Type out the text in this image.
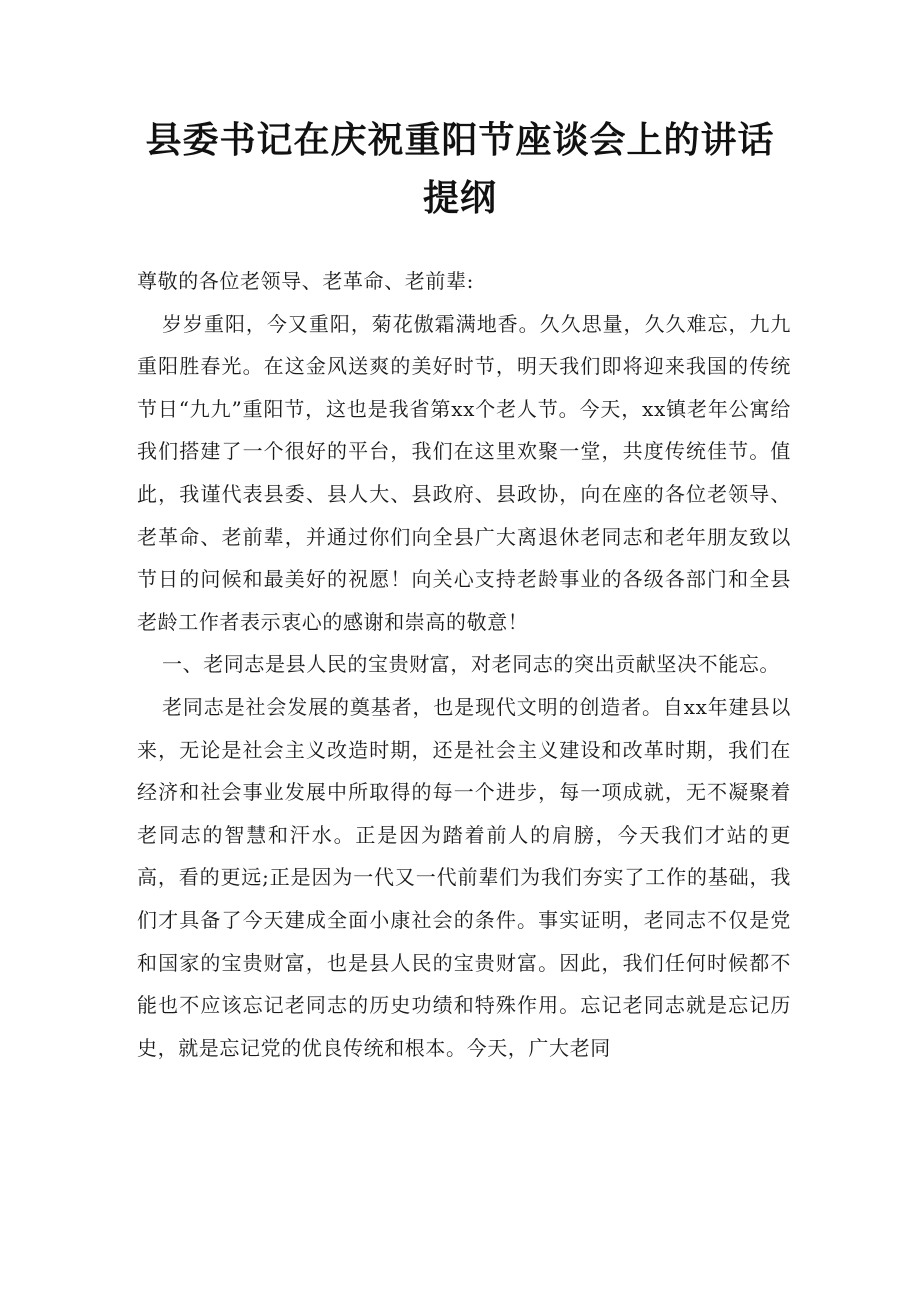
县委书记在庆祝重阳节座谈会上的讲话提纲

尊敬的各位老领导、老革命、老前辈:

岁岁重阳，今又重阳，菊花傲霜满地香。久久思量，久久难忘，九九重阳胜春光。在这金风送爽的美好时节，明天我们即将迎来我国的传统节日“九九”重阳节，这也是我省第xx个老人节。今天，xx镇老年公寓给我们搭建了一个很好的平台，我们在这里欢聚一堂，共度传统佳节。值此，我谨代表县委、县人大、县政府、县政协，向在座的各位老领导、老革命、老前辈，并通过你们向全县广大离退休老同志和老年朋友致以节日的问候和最美好的祝愿！向关心支持老龄事业的各级各部门和全县老龄工作者表示衷心的感谢和崇高的敬意！

一、老同志是县人民的宝贵财富，对老同志的突出贡献坚决不能忘。

老同志是社会发展的奠基者，也是现代文明的创造者。自xx年建县以来，无论是社会主义改造时期，还是社会主义建设和改革时期，我们在经济和社会事业发展中所取得的每一个进步，每一项成就，无不凝聚着老同志的智慧和汗水。正是因为踏着前人的肩膀，今天我们才站的更高，看的更远;正是因为一代又一代前辈们为我们夯实了工作的基础，我们才具备了今天建成全面小康社会的条件。事实证明，老同志不仅是党和国家的宝贵财富，也是县人民的宝贵财富。因此，我们任何时候都不能也不应该忘记老同志的历史功绩和特殊作用。忘记老同志就是忘记历史，就是忘记党的优良传统和根本。今天，广大老同
